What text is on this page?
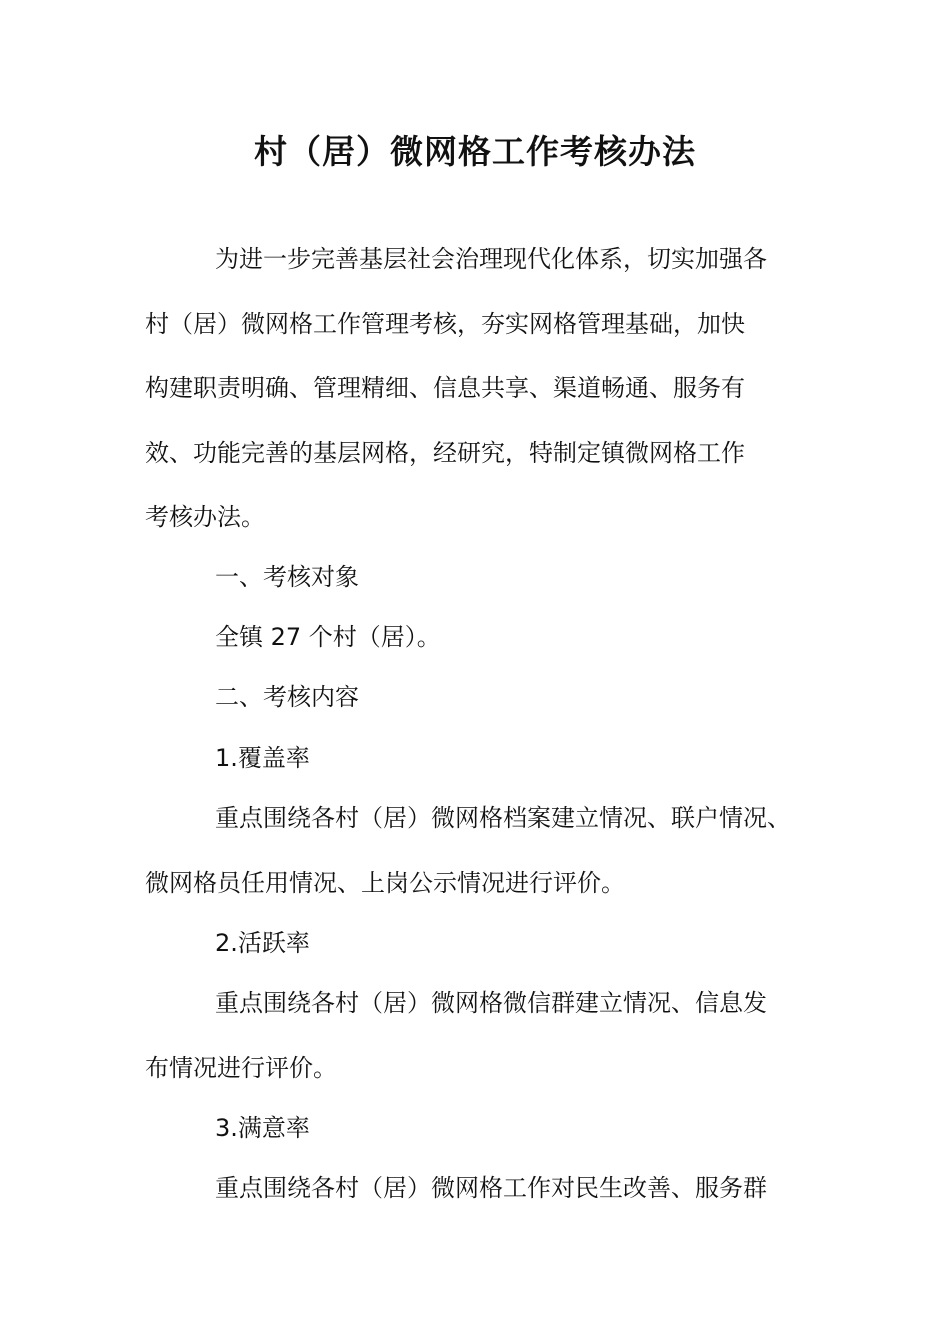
村（居）微网格工作考核办法

为进一步完善基层社会治理现代化体系，切实加强各

村（居）微网格工作管理考核，夯实网格管理基础，加快

构建职责明确、管理精细、信息共享、渠道畅通、服务有

效、功能完善的基层网格，经研究，特制定镇微网格工作

考核办法。

一、考核对象

全镇 27 个村（居）。

二、考核内容

1.覆盖率

重点围绕各村（居）微网格档案建立情况、联户情况、

微网格员任用情况、上岗公示情况进行评价。

2.活跃率

重点围绕各村（居）微网格微信群建立情况、信息发

布情况进行评价。

3.满意率

重点围绕各村（居）微网格工作对民生改善、服务群
